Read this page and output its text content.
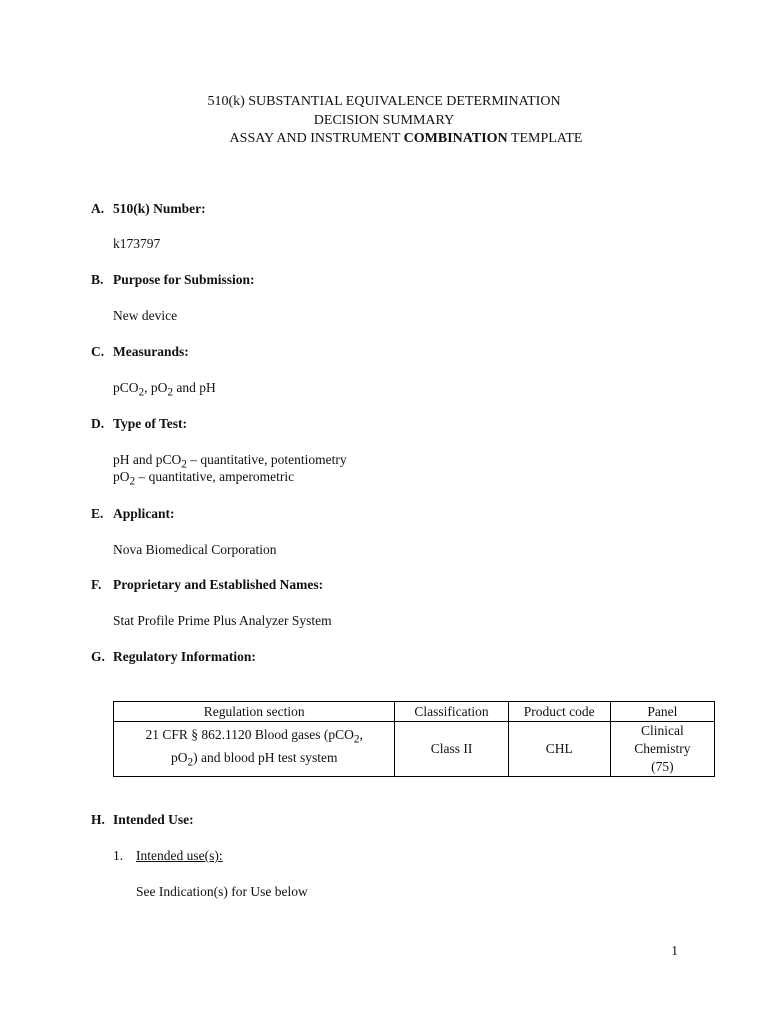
510(k) SUBSTANTIAL EQUIVALENCE DETERMINATION
DECISION SUMMARY
ASSAY AND INSTRUMENT COMBINATION TEMPLATE
A. 510(k) Number:
k173797
B. Purpose for Submission:
New device
C. Measurands:
pCO$_2$, $pO_2$ and pH
D. Type of Test:
pH and pCO$_2$ – quantitative, potentiometry
$pO_2$ – quantitative, amperometric
E. Applicant:
Nova Biomedical Corporation
F. Proprietary and Established Names:
Stat Profile Prime Plus Analyzer System
G. Regulatory Information:
Regulation section	Classification	Product code	Panel
21 CFR § 862.1120 Blood gases (pCO$_2$,
$pO_2$) and blood pH test system	Class II	CHL	Clinical
Chemistry
(75)
H. Intended Use:
1. Intended use(s):
See Indication(s) for Use below
1
